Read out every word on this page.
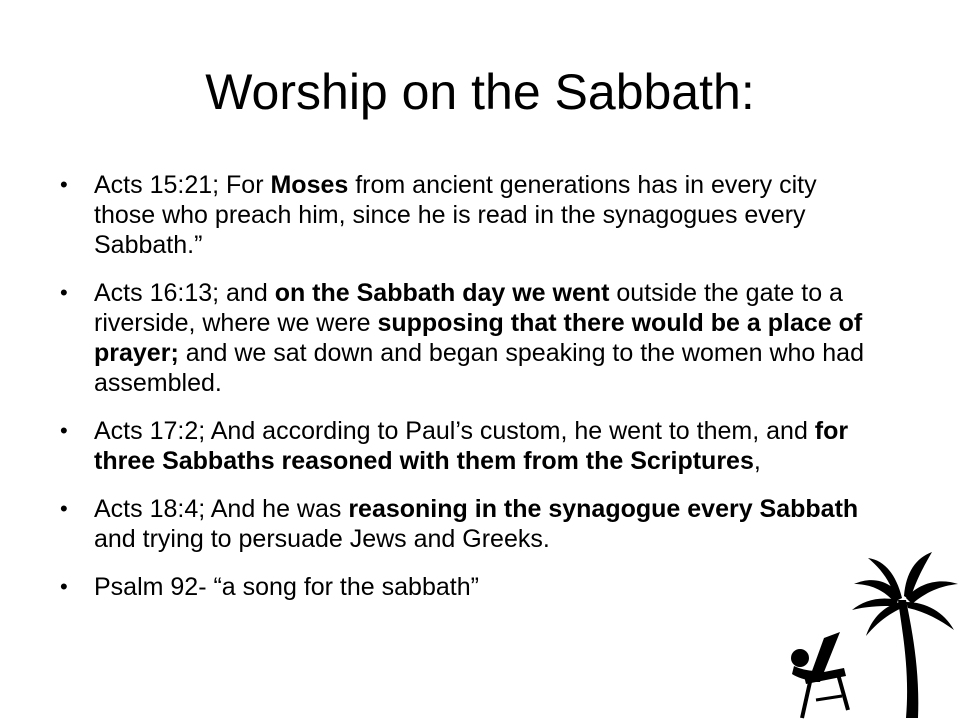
Worship on the Sabbath:
• Acts 15:21; For Moses from ancient generations has in every city those who preach him, since he is read in the synagogues every Sabbath.”
• Acts 16:13; and on the Sabbath day we went outside the gate to a riverside, where we were supposing that there would be a place of prayer; and we sat down and began speaking to the women who had assembled.
• Acts 17:2; And according to Paul’s custom, he went to them, and for three Sabbaths reasoned with them from the Scriptures,
• Acts 18:4; And he was reasoning in the synagogue every Sabbath and trying to persuade Jews and Greeks.
• Psalm 92- “a song for the sabbath”
